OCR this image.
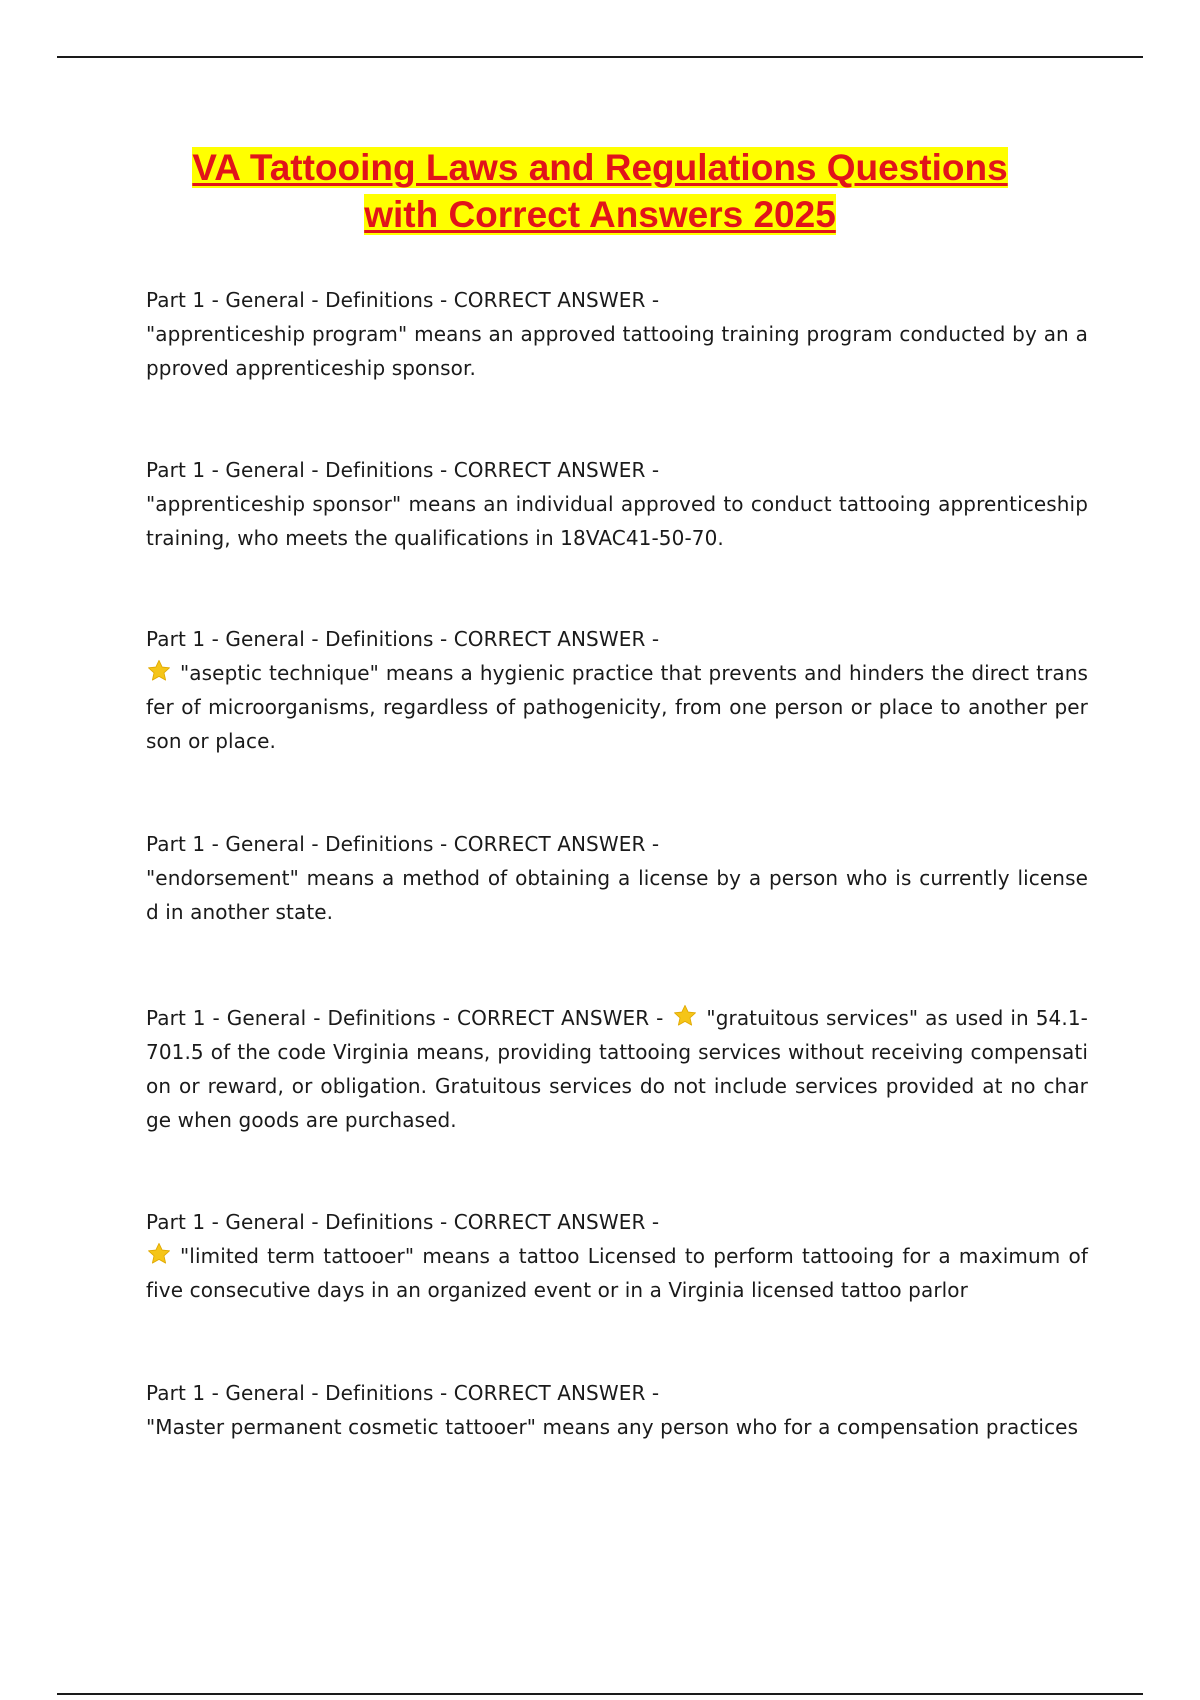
VA Tattooing Laws and Regulations Questions
with Correct Answers 2025
Part 1 - General - Definitions - CORRECT ANSWER -
"apprenticeship program" means an approved tattooing training program conducted by an a pproved apprenticeship sponsor.
Part 1 - General - Definitions - CORRECT ANSWER -
"apprenticeship sponsor" means an individual approved to conduct tattooing apprenticeship training, who meets the qualifications in 18VAC41-50-70.
Part 1 - General - Definitions - CORRECT ANSWER -
"aseptic technique" means a hygienic practice that prevents and hinders the direct trans fer of microorganisms, regardless of pathogenicity, from one person or place to another per son or place.
Part 1 - General - Definitions - CORRECT ANSWER -
"endorsement" means a method of obtaining a license by a person who is currently license d in another state.
Part 1 - General - Definitions - CORRECT ANSWER - "gratuitous services" as used in 54.1-701.5 of the code Virginia means, providing tattooing services without receiving compensati on or reward, or obligation. Gratuitous services do not include services provided at no char ge when goods are purchased.
Part 1 - General - Definitions - CORRECT ANSWER -
"limited term tattooer" means a tattoo Licensed to perform tattooing for a maximum of five consecutive days in an organized event or in a Virginia licensed tattoo parlor
Part 1 - General - Definitions - CORRECT ANSWER -
"Master permanent cosmetic tattooer" means any person who for a compensation practices
